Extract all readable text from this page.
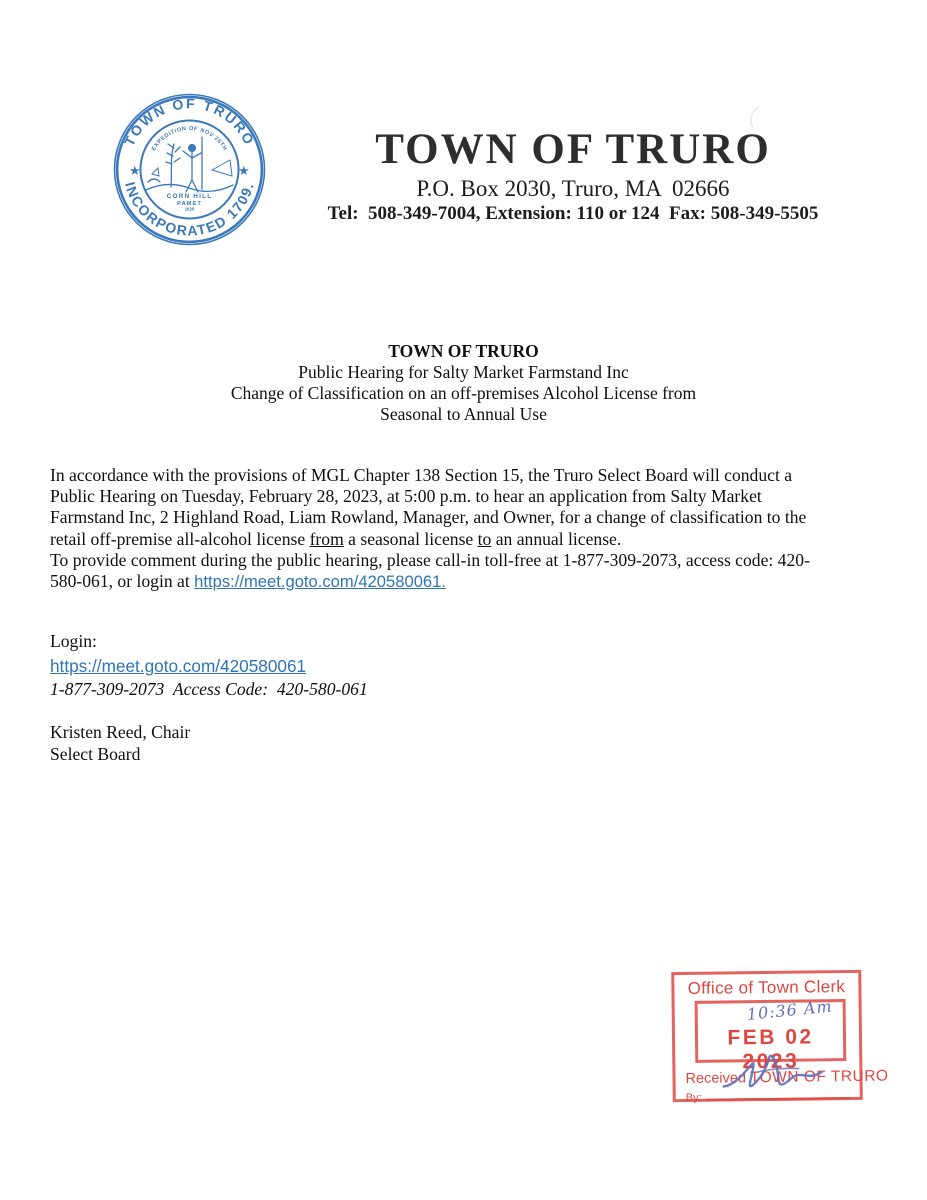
TOWN OF TRURO
INCORPORATED 1709.
★	★
EXPEDITION OF NOV 26TH
CORN HILL
PAMET
1620
TOWN OF TRURO
P.O. Box 2030, Truro, MA  02666
Tel:  508-349-7004, Extension: 110 or 124  Fax: 508-349-5505
TOWN OF TRURO
Public Hearing for Salty Market Farmstand Inc
Change of Classification on an off-premises Alcohol License from
Seasonal to Annual Use
In accordance with the provisions of MGL Chapter 138 Section 15, the Truro Select Board will conduct a
Public Hearing on Tuesday, February 28, 2023, at 5:00 p.m. to hear an application from Salty Market
Farmstand Inc, 2 Highland Road, Liam Rowland, Manager, and Owner, for a change of classification to the
retail off-premise all-alcohol license from a seasonal license to an annual license.
To provide comment during the public hearing, please call-in toll-free at 1-877-309-2073, access code: 420-
580-061, or login at https://meet.goto.com/420580061.
Login:
https://meet.goto.com/420580061
1-877-309-2073  Access Code:  420-580-061
Kristen Reed, Chair
Select Board
Office of Town Clerk
10:36 Am
FEB 02 2023
Received TOWN OF TRURO
By:
